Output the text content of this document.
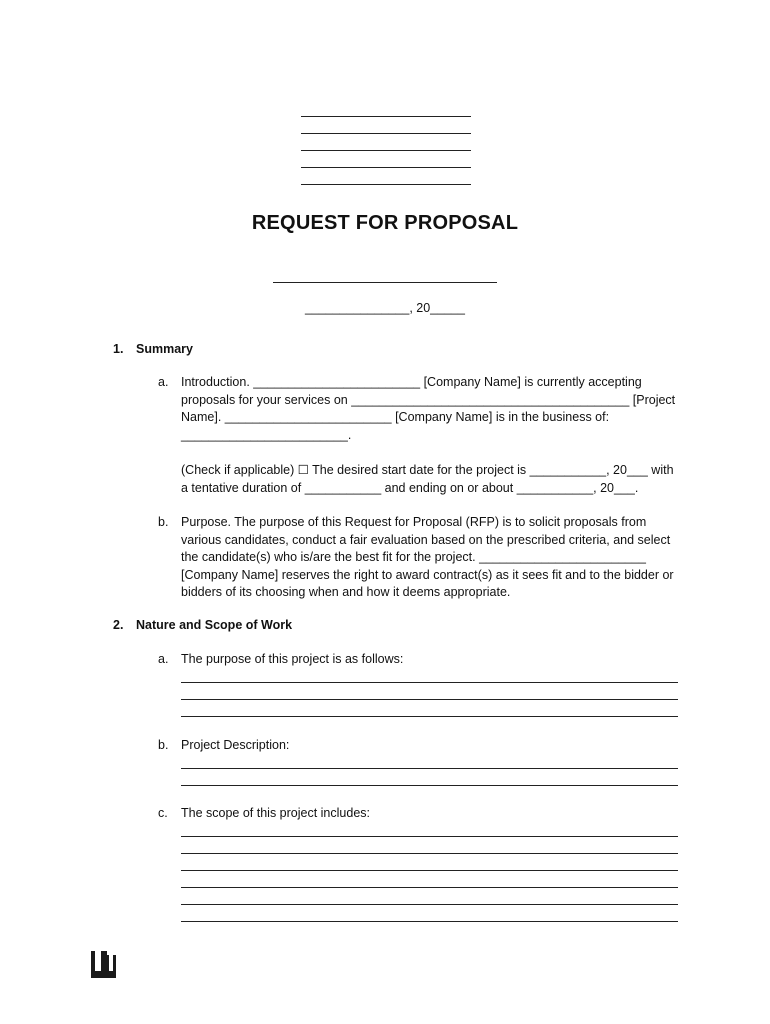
REQUEST FOR PROPOSAL
_______________, 20_____
1. Summary
a. Introduction. ________________________ [Company Name] is currently accepting
proposals for your services on ________________________________________ [Project
Name]. ________________________ [Company Name] is in the business of:
________________________.
(Check if applicable) ☐ The desired start date for the project is ___________, 20___ with
a tentative duration of ___________ and ending on or about ___________, 20___.
b. Purpose. The purpose of this Request for Proposal (RFP) is to solicit proposals from
various candidates, conduct a fair evaluation based on the prescribed criteria, and select
the candidate(s) who is/are the best fit for the project. ________________________
[Company Name] reserves the right to award contract(s) as it sees fit and to the bidder or
bidders of its choosing when and how it deems appropriate.
2. Nature and Scope of Work
a. The purpose of this project is as follows:
b. Project Description:
c. The scope of this project includes:
